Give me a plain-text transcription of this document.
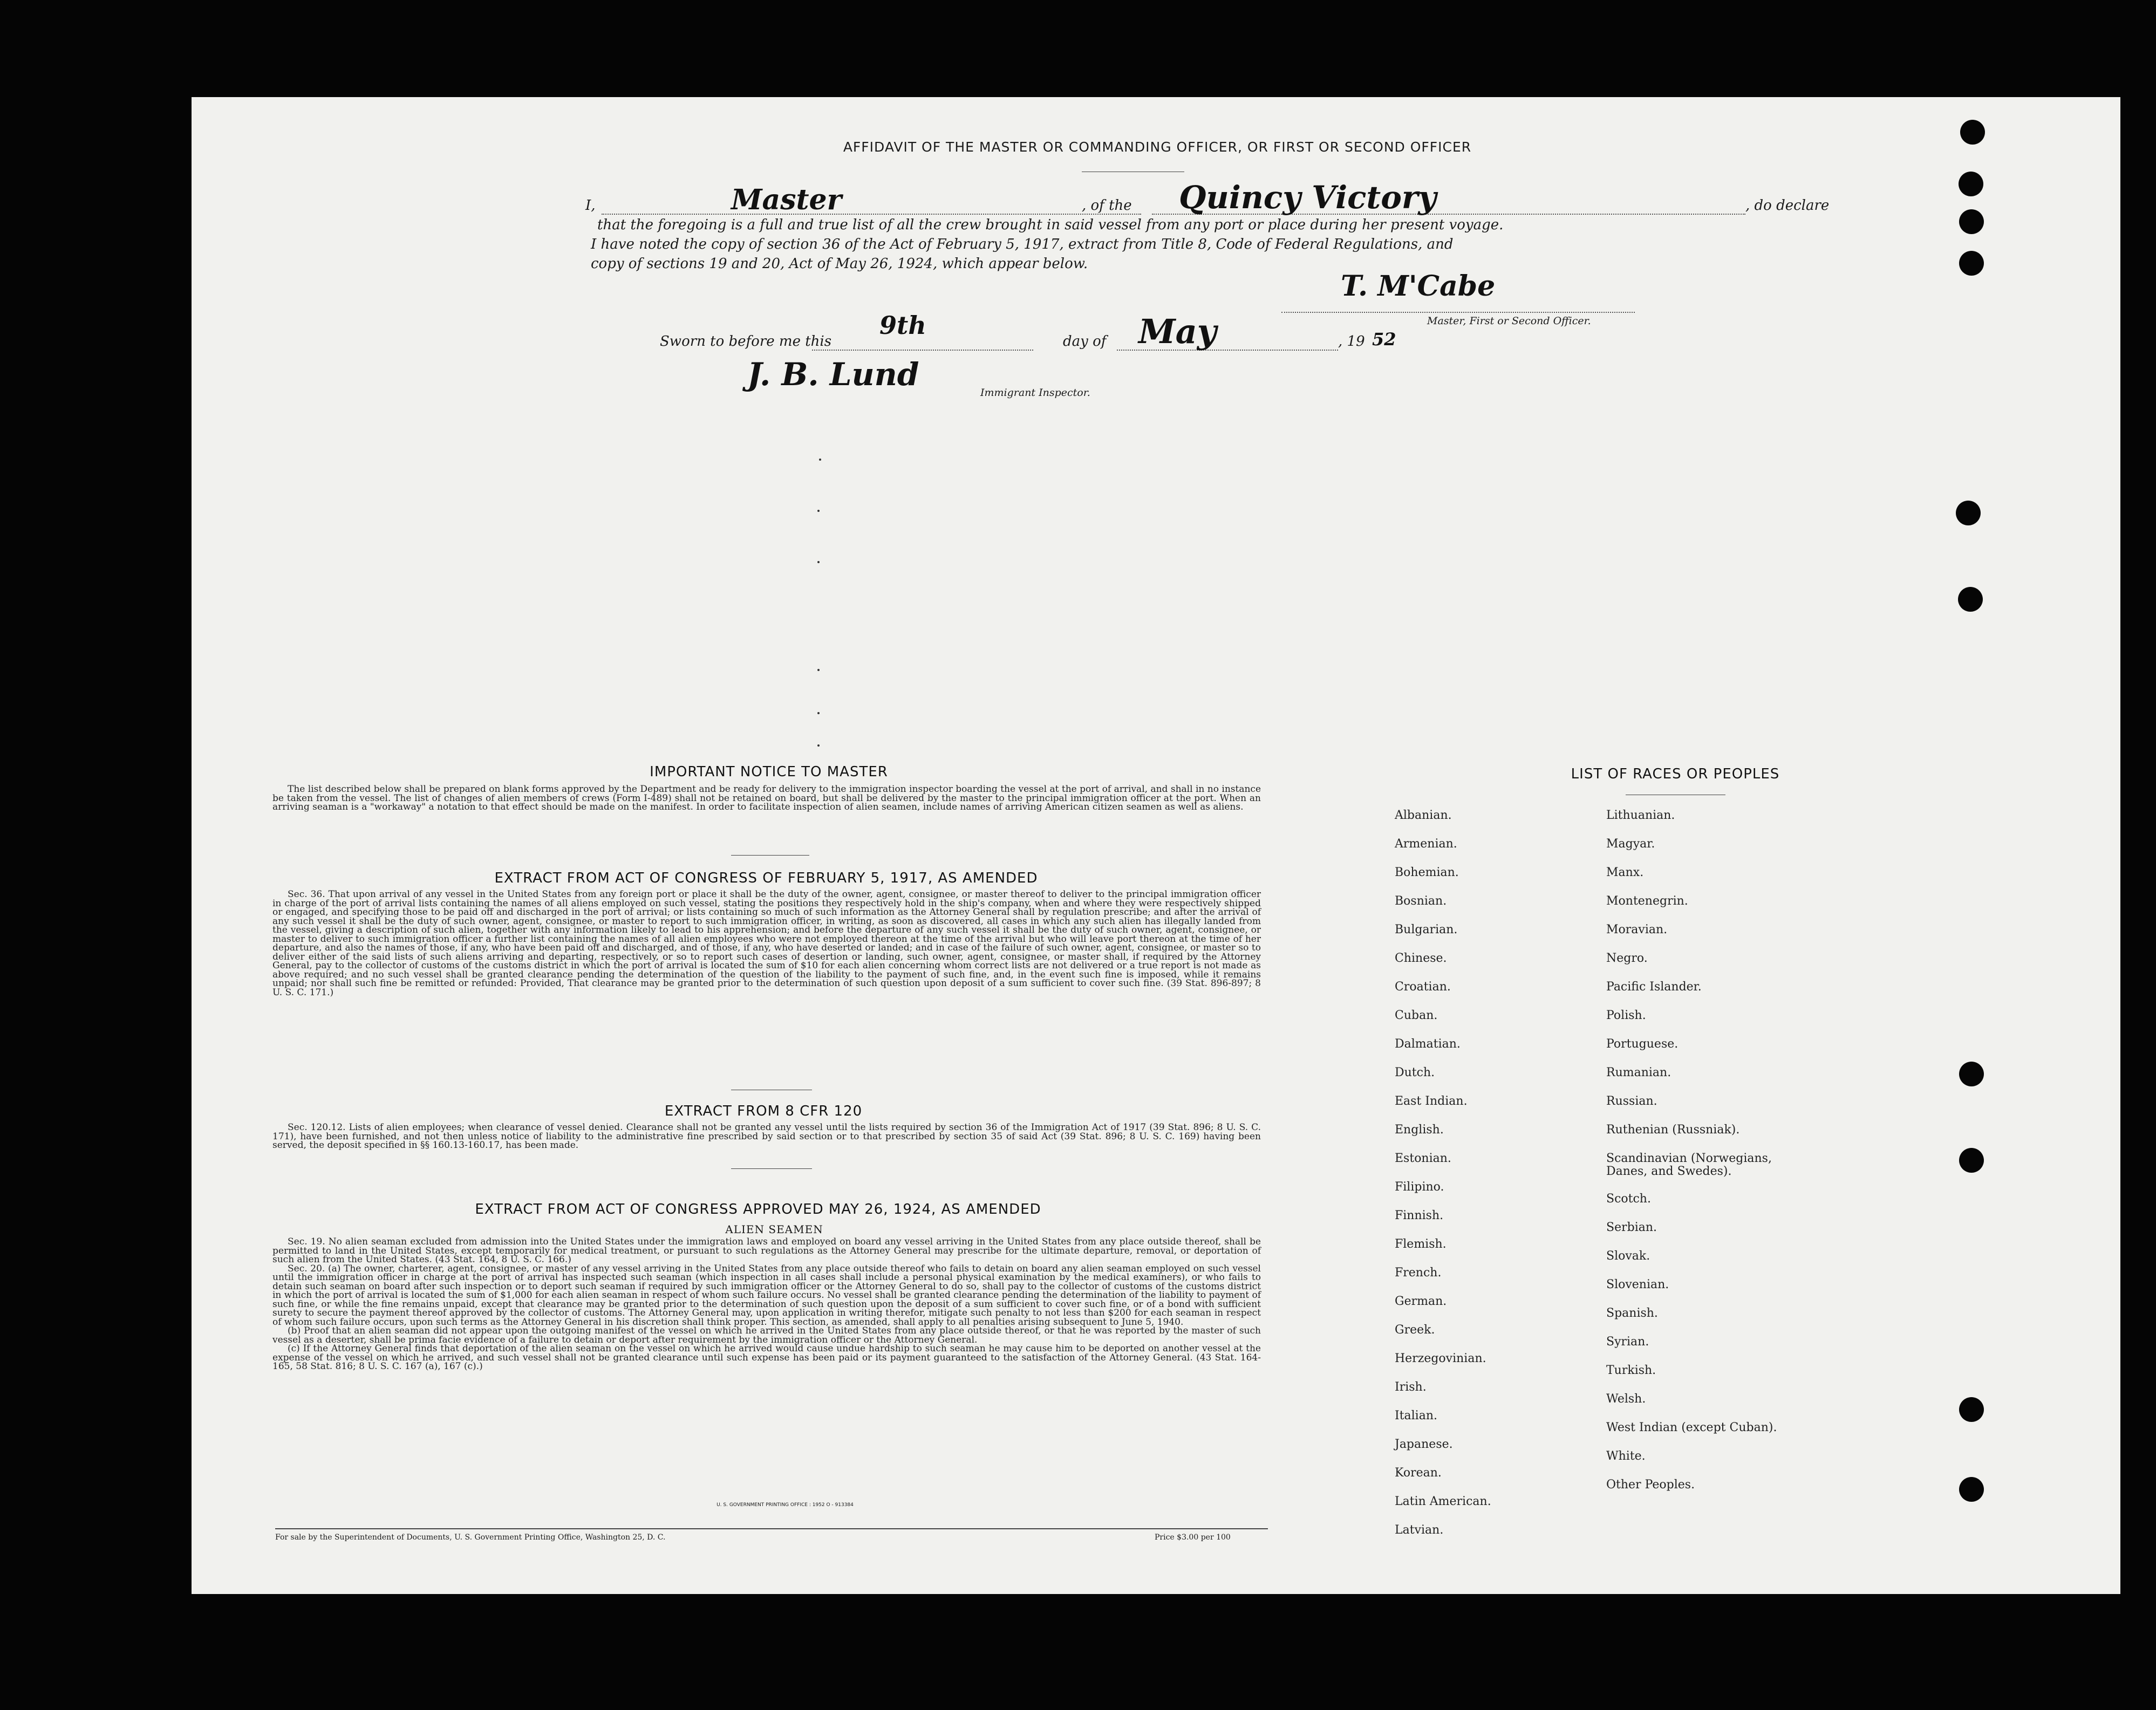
AFFIDAVIT OF THE MASTER OR COMMANDING OFFICER, OR FIRST OR SECOND OFFICER
I,	Master	, of the Quincy Victory	, do declare
that the foregoing is a full and true list of all the crew brought in said vessel from any port or place during her present voyage.
I have noted the copy of section 36 of the Act of February 5, 1917, extract from Title 8, Code of Federal Regulations, and
copy of sections 19 and 20, Act of May 26, 1924, which appear below.
T. M'Cabe
Master, First or Second Officer.
Sworn to before me this
9th
day of May	, 19 52
J. B. Lund	Immigrant Inspector.
IMPORTANT NOTICE TO MASTER

The list described below shall be prepared on blank forms approved by the Department and be ready for delivery to the immigration inspector boarding the vessel at the port of arrival, and shall in no instance be taken from the vessel. The list of changes of alien members of crews (Form I-489) shall not be retained on board, but shall be delivered by the master to the principal immigration officer at the port. When an arriving seaman is a "workaway" a notation to that effect should be made on the manifest. In order to facilitate inspection of alien seamen, include names of arriving American citizen seamen as well as aliens.

EXTRACT FROM ACT OF CONGRESS OF FEBRUARY 5, 1917, AS AMENDED

Sec. 36. That upon arrival of any vessel in the United States from any foreign port or place it shall be the duty of the owner, agent, consignee, or master thereof to deliver to the principal immigration officer in charge of the port of arrival lists containing the names of all aliens employed on such vessel, stating the positions they respectively hold in the ship's company, when and where they were respectively shipped or engaged, and specifying those to be paid off and discharged in the port of arrival; or lists containing so much of such information as the Attorney General shall by regulation prescribe; and after the arrival of any such vessel it shall be the duty of such owner, agent, consignee, or master to report to such immigration officer, in writing, as soon as discovered, all cases in which any such alien has illegally landed from the vessel, giving a description of such alien, together with any information likely to lead to his apprehension; and before the departure of any such vessel it shall be the duty of such owner, agent, consignee, or master to deliver to such immigration officer a further list containing the names of all alien employees who were not employed thereon at the time of the arrival but who will leave port thereon at the time of her departure, and also the names of those, if any, who have been paid off and discharged, and of those, if any, who have deserted or landed; and in case of the failure of such owner, agent, consignee, or master so to deliver either of the said lists of such aliens arriving and departing, respectively, or so to report such cases of desertion or landing, such owner, agent, consignee, or master shall, if required by the Attorney General, pay to the collector of customs of the customs district in which the port of arrival is located the sum of $10 for each alien concerning whom correct lists are not delivered or a true report is not made as above required; and no such vessel shall be granted clearance pending the determination of the question of the liability to the payment of such fine, and, in the event such fine is imposed, while it remains unpaid; nor shall such fine be remitted or refunded: Provided, That clearance may be granted prior to the determination of such question upon deposit of a sum sufficient to cover such fine. (39 Stat. 896-897; 8 U. S. C. 171.)

EXTRACT FROM 8 CFR 120

Sec. 120.12. Lists of alien employees; when clearance of vessel denied. Clearance shall not be granted any vessel until the lists required by section 36 of the Immigration Act of 1917 (39 Stat. 896; 8 U. S. C. 171), have been furnished, and not then unless notice of liability to the administrative fine prescribed by said section or to that prescribed by section 35 of said Act (39 Stat. 896; 8 U. S. C. 169) having been served, the deposit specified in §§ 160.13-160.17, has been made.

EXTRACT FROM ACT OF CONGRESS APPROVED MAY 26, 1924, AS AMENDED
ALIEN SEAMEN

Sec. 19. No alien seaman excluded from admission into the United States under the immigration laws and employed on board any vessel arriving in the United States from any place outside thereof, shall be permitted to land in the United States, except temporarily for medical treatment, or pursuant to such regulations as the Attorney General may prescribe for the ultimate departure, removal, or deportation of such alien from the United States. (43 Stat. 164, 8 U. S. C. 166.)

Sec. 20. (a) The owner, charterer, agent, consignee, or master of any vessel arriving in the United States from any place outside thereof who fails to detain on board any alien seaman employed on such vessel until the immigration officer in charge at the port of arrival has inspected such seaman (which inspection in all cases shall include a personal physical examination by the medical examiners), or who fails to detain such seaman on board after such inspection or to deport such seaman if required by such immigration officer or the Attorney General to do so, shall pay to the collector of customs of the customs district in which the port of arrival is located the sum of $1,000 for each alien seaman in respect of whom such failure occurs. No vessel shall be granted clearance pending the determination of the liability to payment of such fine, or while the fine remains unpaid, except that clearance may be granted prior to the determination of such question upon the deposit of a sum sufficient to cover such fine, or of a bond with sufficient surety to secure the payment thereof approved by the collector of customs. The Attorney General may, upon application in writing therefor, mitigate such penalty to not less than $200 for each seaman in respect of whom such failure occurs, upon such terms as the Attorney General in his discretion shall think proper. This section, as amended, shall apply to all penalties arising subsequent to June 5, 1940.

(b) Proof that an alien seaman did not appear upon the outgoing manifest of the vessel on which he arrived in the United States from any place outside thereof, or that he was reported by the master of such vessel as a deserter, shall be prima facie evidence of a failure to detain or deport after requirement by the immigration officer or the Attorney General.

(c) If the Attorney General finds that deportation of the alien seaman on the vessel on which he arrived would cause undue hardship to such seaman he may cause him to be deported on another vessel at the expense of the vessel on which he arrived, and such vessel shall not be granted clearance until such expense has been paid or its payment guaranteed to the satisfaction of the Attorney General. (43 Stat. 164-165, 58 Stat. 816; 8 U. S. C. 167 (a), 167 (c).)

U. S. GOVERNMENT PRINTING OFFICE : 1952 O - 913384
For sale by the Superintendent of Documents, U. S. Government Printing Office, Washington 25, D. C.	Price $3.00 per 100
LIST OF RACES OR PEOPLES
Albanian.
Armenian.
Bohemian.
Bosnian.
Bulgarian.
Chinese.
Croatian.
Cuban.
Dalmatian.
Dutch.
East Indian.
English.
Estonian.
Filipino.
Finnish.
Flemish.
French.
German.
Greek.
Herzegovinian.
Irish.
Italian.
Japanese.
Korean.
Latin American.
Latvian.
Lithuanian.
Magyar.
Manx.
Montenegrin.
Moravian.
Negro.
Pacific Islander.
Polish.
Portuguese.
Rumanian.
Russian.
Ruthenian (Russniak).
Scandinavian (Norwegians,
Danes, and Swedes).
Scotch.
Serbian.
Slovak.
Slovenian.
Spanish.
Syrian.
Turkish.
Welsh.
West Indian (except Cuban).
White.
Other Peoples.
